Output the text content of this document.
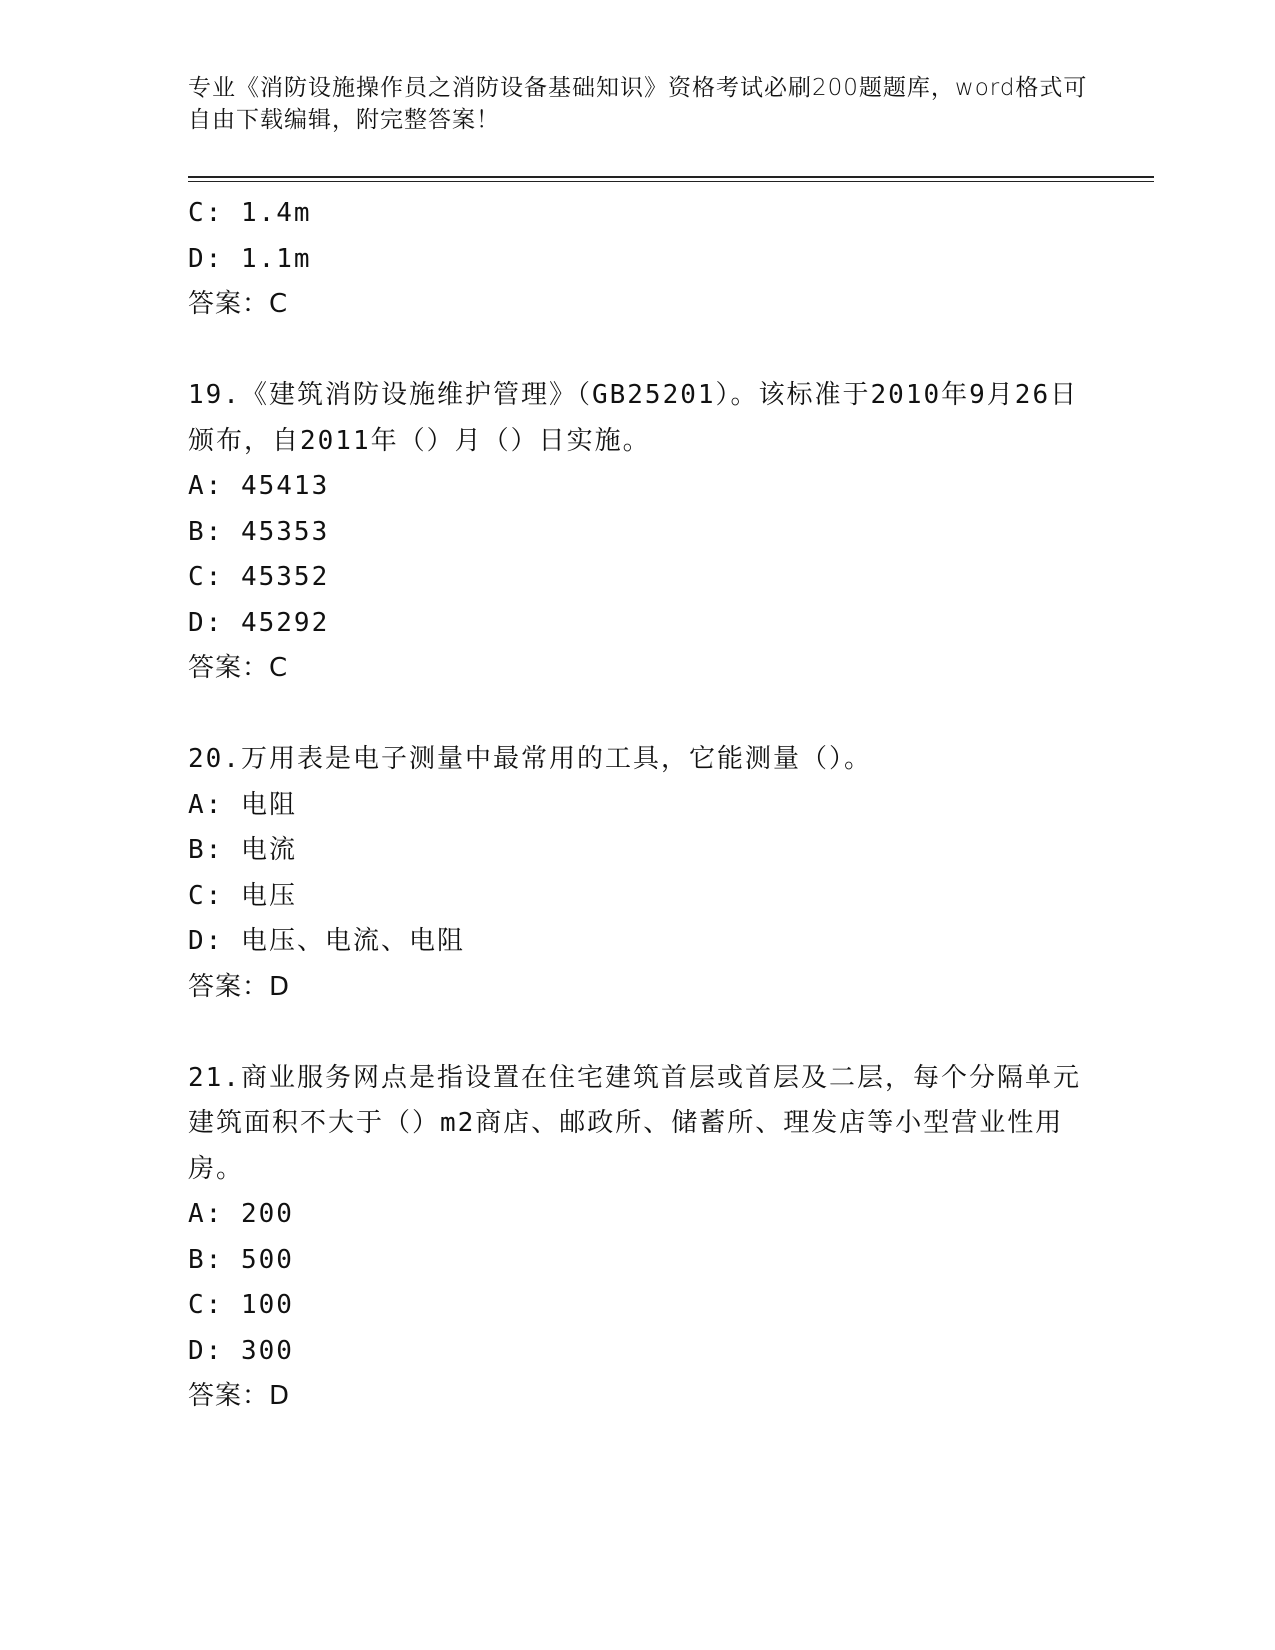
专业《消防设施操作员之消防设备基础知识》资格考试必刷200题题库，word格式可自由下载编辑，附完整答案！
C: 1.4m
D: 1.1m
答案：C
19.《建筑消防设施维护管理》（GB25201）。该标准于2010年9月26日颁布，自2011年（）月（）日实施。
A: 45413
B: 45353
C: 45352
D: 45292
答案：C
20.万用表是电子测量中最常用的工具，它能测量（）。
A: 电阻
B: 电流
C: 电压
D: 电压、电流、电阻
答案：D
21.商业服务网点是指设置在住宅建筑首层或首层及二层，每个分隔单元建筑面积不大于（）m2商店、邮政所、储蓄所、理发店等小型营业性用房。
A: 200
B: 500
C: 100
D: 300
答案：D
